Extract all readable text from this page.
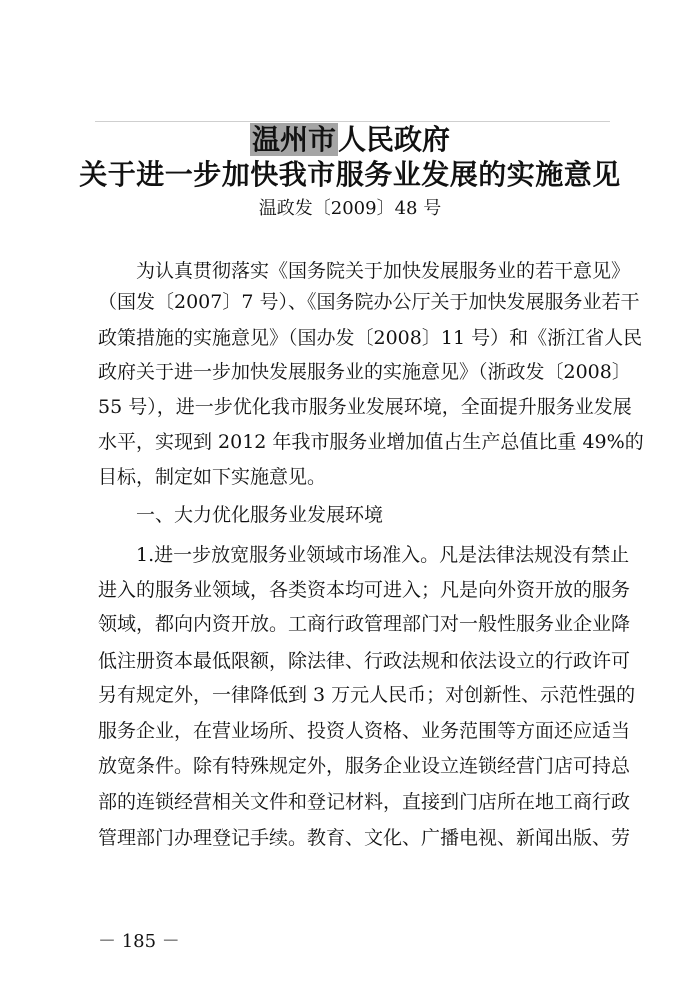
温州市人民政府
关于进一步加快我市服务业发展的实施意见
温政发〔2009〕48 号
　　为认真贯彻落实《国务院关于加快发展服务业的若干意见》
（国发〔2007〕7 号）、《国务院办公厅关于加快发展服务业若干
政策措施的实施意见》（国办发〔2008〕11 号）和《浙江省人民
政府关于进一步加快发展服务业的实施意见》（浙政发〔2008〕
55 号），进一步优化我市服务业发展环境，全面提升服务业发展
水平，实现到 2012 年我市服务业增加值占生产总值比重 49%的
目标，制定如下实施意见。
　　一、大力优化服务业发展环境
　　1.进一步放宽服务业领域市场准入。凡是法律法规没有禁止
进入的服务业领域，各类资本均可进入；凡是向外资开放的服务
领域，都向内资开放。工商行政管理部门对一般性服务业企业降
低注册资本最低限额，除法律、行政法规和依法设立的行政许可
另有规定外，一律降低到 3 万元人民币；对创新性、示范性强的
服务企业，在营业场所、投资人资格、业务范围等方面还应适当
放宽条件。除有特殊规定外，服务企业设立连锁经营门店可持总
部的连锁经营相关文件和登记材料，直接到门店所在地工商行政
管理部门办理登记手续。教育、文化、广播电视、新闻出版、劳
－ 185 －
